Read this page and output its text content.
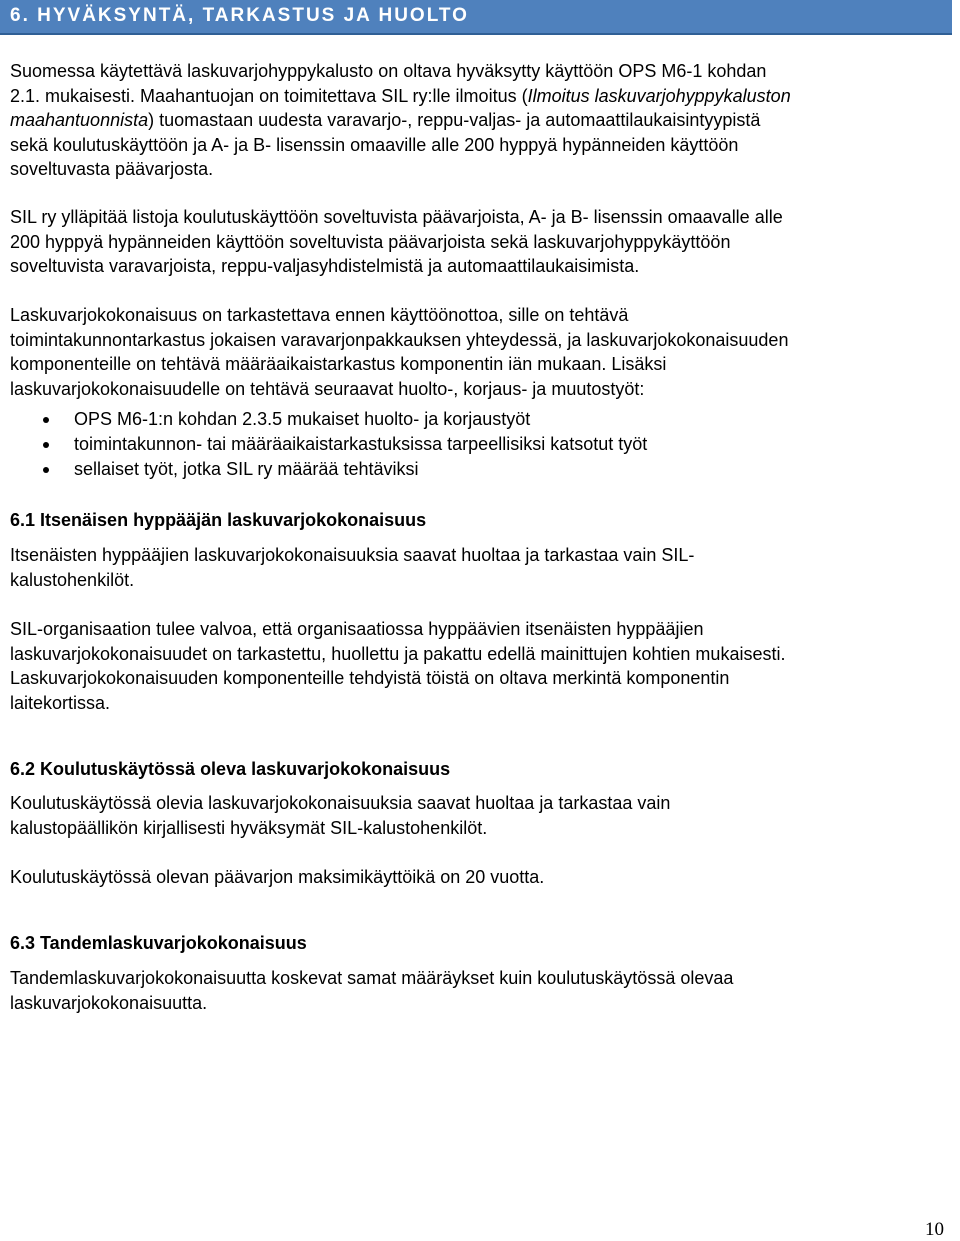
6. HYVÄKSYNTÄ, TARKASTUS JA HUOLTO
Suomessa käytettävä laskuvarjohyppykalusto on oltava hyväksytty käyttöön OPS M6-1 kohdan
2.1. mukaisesti. Maahantuojan on toimitettava SIL ry:lle ilmoitus (Ilmoitus laskuvarjohyppykaluston
maahantuonnista) tuomastaan uudesta varavarjo-, reppu-valjas- ja automaattilaukaisintyypistä
sekä koulutuskäyttöön ja A- ja B- lisenssin omaaville alle 200 hyppyä hypänneiden käyttöön
soveltuvasta päävarjosta.
SIL ry ylläpitää listoja koulutuskäyttöön soveltuvista päävarjoista, A- ja B- lisenssin omaavalle alle
200 hyppyä hypänneiden käyttöön soveltuvista päävarjoista sekä laskuvarjohyppykäyttöön
soveltuvista varavarjoista, reppu-valjasyhdistelmistä ja automaattilaukaisimista.
Laskuvarjokokonaisuus on tarkastettava ennen käyttöönottoa, sille on tehtävä
toimintakunnontarkastus jokaisen varavarjonpakkauksen yhteydessä, ja laskuvarjokokonaisuuden
komponenteille on tehtävä määräaikaistarkastus komponentin iän mukaan. Lisäksi
laskuvarjokokonaisuudelle on tehtävä seuraavat huolto-, korjaus- ja muutostyöt:
OPS M6-1:n kohdan 2.3.5 mukaiset huolto- ja korjaustyöt
toimintakunnon- tai määräaikaistarkastuksissa tarpeellisiksi katsotut työt
sellaiset työt, jotka SIL ry määrää tehtäviksi
6.1 Itsenäisen hyppääjän laskuvarjokokonaisuus
Itsenäisten hyppääjien laskuvarjokokonaisuuksia saavat huoltaa ja tarkastaa vain SIL-
kalustohenkilöt.
SIL-organisaation tulee valvoa, että organisaatiossa hyppäävien itsenäisten hyppääjien
laskuvarjokokonaisuudet on tarkastettu, huollettu ja pakattu edellä mainittujen kohtien mukaisesti.
Laskuvarjokokonaisuuden komponenteille tehdyistä töistä on oltava merkintä komponentin
laitekortissa.
6.2 Koulutuskäytössä oleva laskuvarjokokonaisuus
Koulutuskäytössä olevia laskuvarjokokonaisuuksia saavat huoltaa ja tarkastaa vain
kalustopäällikön kirjallisesti hyväksymät SIL-kalustohenkilöt.
Koulutuskäytössä olevan päävarjon maksimikäyttöikä on 20 vuotta.
6.3 Tandemlaskuvarjokokonaisuus
Tandemlaskuvarjokokonaisuutta koskevat samat määräykset kuin koulutuskäytössä olevaa
laskuvarjokokonaisuutta.
10
